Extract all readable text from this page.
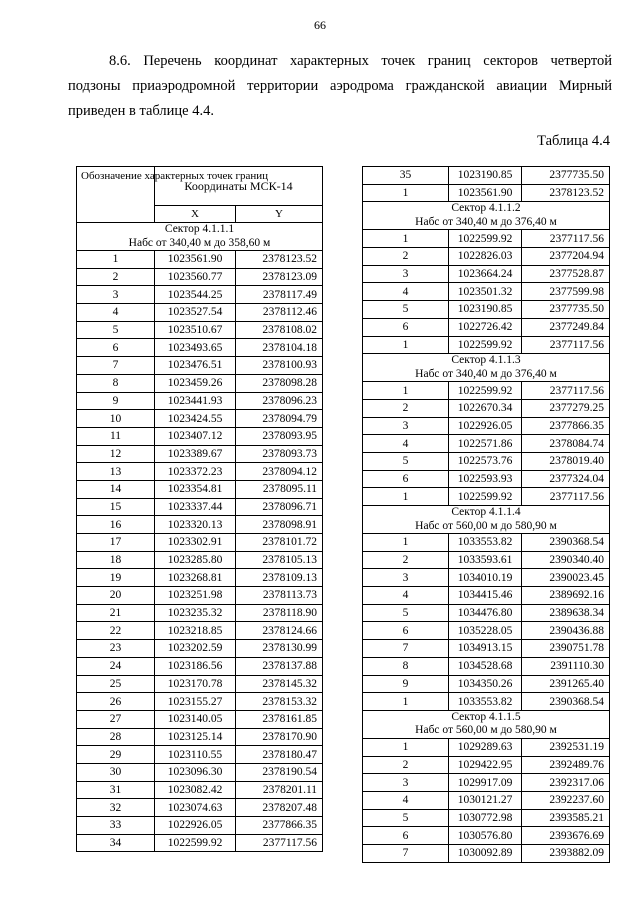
66
8.6. Перечень координат характерных точек границ секторов четвертой
подзоны приаэродромной территории аэродрома гражданской авиации Мирный
приведен в таблице 4.4.
Таблица 4.4
Обозначение характерных точек границ	Координаты МСК-14	
	X	Y

Сектор 4.1.1.1
Набс от 340,40 м до 358,60 м		

1	1023561.90	2378123.52
2	1023560.77	2378123.09
3	1023544.25	2378117.49
4	1023527.54	2378112.46
5	1023510.67	2378108.02
6	1023493.65	2378104.18
7	1023476.51	2378100.93
8	1023459.26	2378098.28
9	1023441.93	2378096.23
10	1023424.55	2378094.79
11	1023407.12	2378093.95
12	1023389.67	2378093.73
13	1023372.23	2378094.12
14	1023354.81	2378095.11
15	1023337.44	2378096.71
16	1023320.13	2378098.91
17	1023302.91	2378101.72
18	1023285.80	2378105.13
19	1023268.81	2378109.13
20	1023251.98	2378113.73
21	1023235.32	2378118.90
22	1023218.85	2378124.66
23	1023202.59	2378130.99
24	1023186.56	2378137.88
25	1023170.78	2378145.32
26	1023155.27	2378153.32
27	1023140.05	2378161.85
28	1023125.14	2378170.90
29	1023110.55	2378180.47
30	1023096.30	2378190.54
31	1023082.42	2378201.11
32	1023074.63	2378207.48
33	1022926.05	2377866.35
34	1022599.92	2377117.56
35	1023190.85	2377735.50
1	1023561.90	2378123.52

Сектор 4.1.1.2
Набс от 340,40 м до 376,40 м		

1	1022599.92	2377117.56
2	1022826.03	2377204.94
3	1023664.24	2377528.87
4	1023501.32	2377599.98
5	1023190.85	2377735.50
6	1022726.42	2377249.84
1	1022599.92	2377117.56

Сектор 4.1.1.3
Набс от 340,40 м до 376,40 м		

1	1022599.92	2377117.56
2	1022670.34	2377279.25
3	1022926.05	2377866.35
4	1022571.86	2378084.74
5	1022573.76	2378019.40
6	1022593.93	2377324.04
1	1022599.92	2377117.56

Сектор 4.1.1.4
Набс от 560,00 м до 580,90 м		

1	1033553.82	2390368.54
2	1033593.61	2390340.40
3	1034010.19	2390023.45
4	1034415.46	2389692.16
5	1034476.80	2389638.34
6	1035228.05	2390436.88
7	1034913.15	2390751.78
8	1034528.68	2391110.30
9	1034350.26	2391265.40
1	1033553.82	2390368.54

Сектор 4.1.1.5
Набс от 560,00 м до 580,90 м		

1	1029289.63	2392531.19
2	1029422.95	2392489.76
3	1029917.09	2392317.06
4	1030121.27	2392237.60
5	1030772.98	2393585.21
6	1030576.80	2393676.69
7	1030092.89	2393882.09
